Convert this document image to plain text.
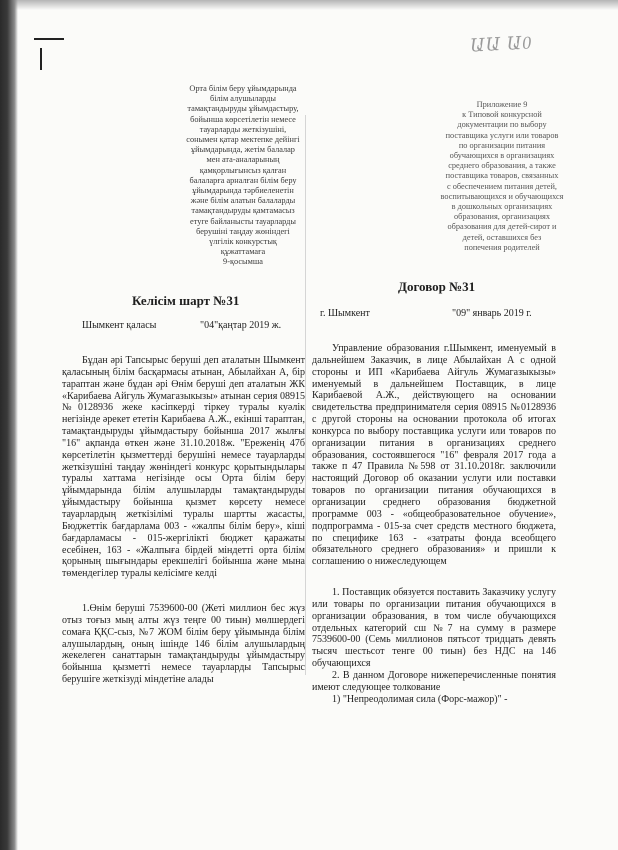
ԱԱ Ա0
Орта білім беру ұйымдарында
білім алушыларды
тамақтандыруды ұйымдастыру,
бойынша көрсетілетін немесе
тауарларды жеткізушіні,
сонымен қатар мектепке дейінгі
ұйымдарында, жетім балалар
мен ата-аналарының
қамқорлығынсыз қалған
балаларға арналған білім беру
ұйымдарында тәрбиеленетін
және білім алатын балаларды
тамақтандыруды қамтамасыз
етуге байланысты тауарларды
берушіні таңдау жөніндегі
үлгілік конкурстық
құжаттамаға
9-қосымша
Приложение 9
к Типовой конкурсной
документации по выбору
поставщика услуги или товаров
по организации питания
обучающихся в организациях
среднего образования, а также
поставщика товаров, связанных
с обеспечением питания детей,
воспитывающихся и обучающихся
в дошкольных организациях
образования, организациях
образования для детей-сирот и
детей, оставшихся без
попечения родителей
Келісім шарт №31
Договор №31
Шымкент қаласы	"04"қаңтар 2019 ж.
г. Шымкент	"09" январь 2019 г.
Бұдан әрі Тапсырыс беруші деп аталатын Шымкент қаласының білім басқармасы атынан, Абылайхан А, бір тараптан және бұдан әрі Өнім беруші деп аталатын ЖК «Карибаева Айгуль Жумагазыкызы» атынан серия 08915 №0128936 жеке кәсіпкерді тіркеу туралы куәлік негізінде әрекет ететін Карибаева А.Ж., екінші тараптан, тамақтандыруды ұйымдастыру бойынша 2017 жылғы "16" ақпанда өткен және 31.10.2018ж. "Ереженің 47б көрсетілетін қызметтерді берушіні немесе тауарларды жеткізушіні таңдау жөніндегі конкурс қорытындылары туралы хаттама негізінде осы Орта білім беру ұйымдарында білім алушыларды тамақтандыруды ұйымдастыру бойынша қызмет көрсету немесе тауарлардың жеткізілімі туралы шартты жасасты, Бюджеттік бағдарлама 003 - «жалпы білім беру», кіші бағдарламасы - 015-жергілікті бюджет қаражаты есебінен, 163 - «Жалпыға бірдей міндетті орта білім қорының шығындары ерекшелігі бойынша және мына төмендегілер туралы келісімге келді
1.Өнім беруші 7539600-00 (Жеті миллион бес жүз отыз тоғыз мың алты жүз теңге 00 тиын) мөлшердегі сомаға ҚҚС-сыз, №7 ЖОМ білім беру ұйымында білім алушылардың, оның ішінде 146 білім алушылардың жекелеген санаттарын тамақтандыруды ұйымдастыру бойынша қызметті немесе тауарларды Тапсырыс берушіге жеткізуді міндетіне алады
Управление образования г.Шымкент, именуемый в дальнейшем Заказчик, в лице Абылайхан А с одной стороны и ИП «Карибаева Айгуль Жумагазыкызы» именуемый в дальнейшем Поставщик, в лице Карибаевой А.Ж., действующего на основании свидетельства предпринимателя серия 08915 №0128936 с другой стороны на основании протокола об итогах конкурса по выбору поставщика услуги или товаров по организации питания в организациях среднего образования, состоявшегося "16" февраля 2017 года а также п 47 Правила №598 от 31.10.2018г. заключили настоящий Договор об оказании услуги или поставки товаров по организации питания обучающихся в организации среднего образования бюджетной программе 003 - «общеобразовательное обучение», подпрограмма - 015-за счет средств местного бюджета, по специфике 163 - «затраты фонда всеобщего обязательного среднего образования» и пришли к соглашению о нижеследующем
1. Поставщик обязуется поставить Заказчику услугу или товары по организации питания обучающихся в организации образования, в том числе обучающихся отдельных категорий сш №7 на сумму в размере 7539600-00 (Семь миллионов пятьсот тридцать девять тысяч шестьсот тенге 00 тиын) без НДС на 146 обучающихся
2. В данном Договоре нижеперечисленные понятия имеют следующее толкование
1) "Непреодолимая сила (Форс-мажор)" -
